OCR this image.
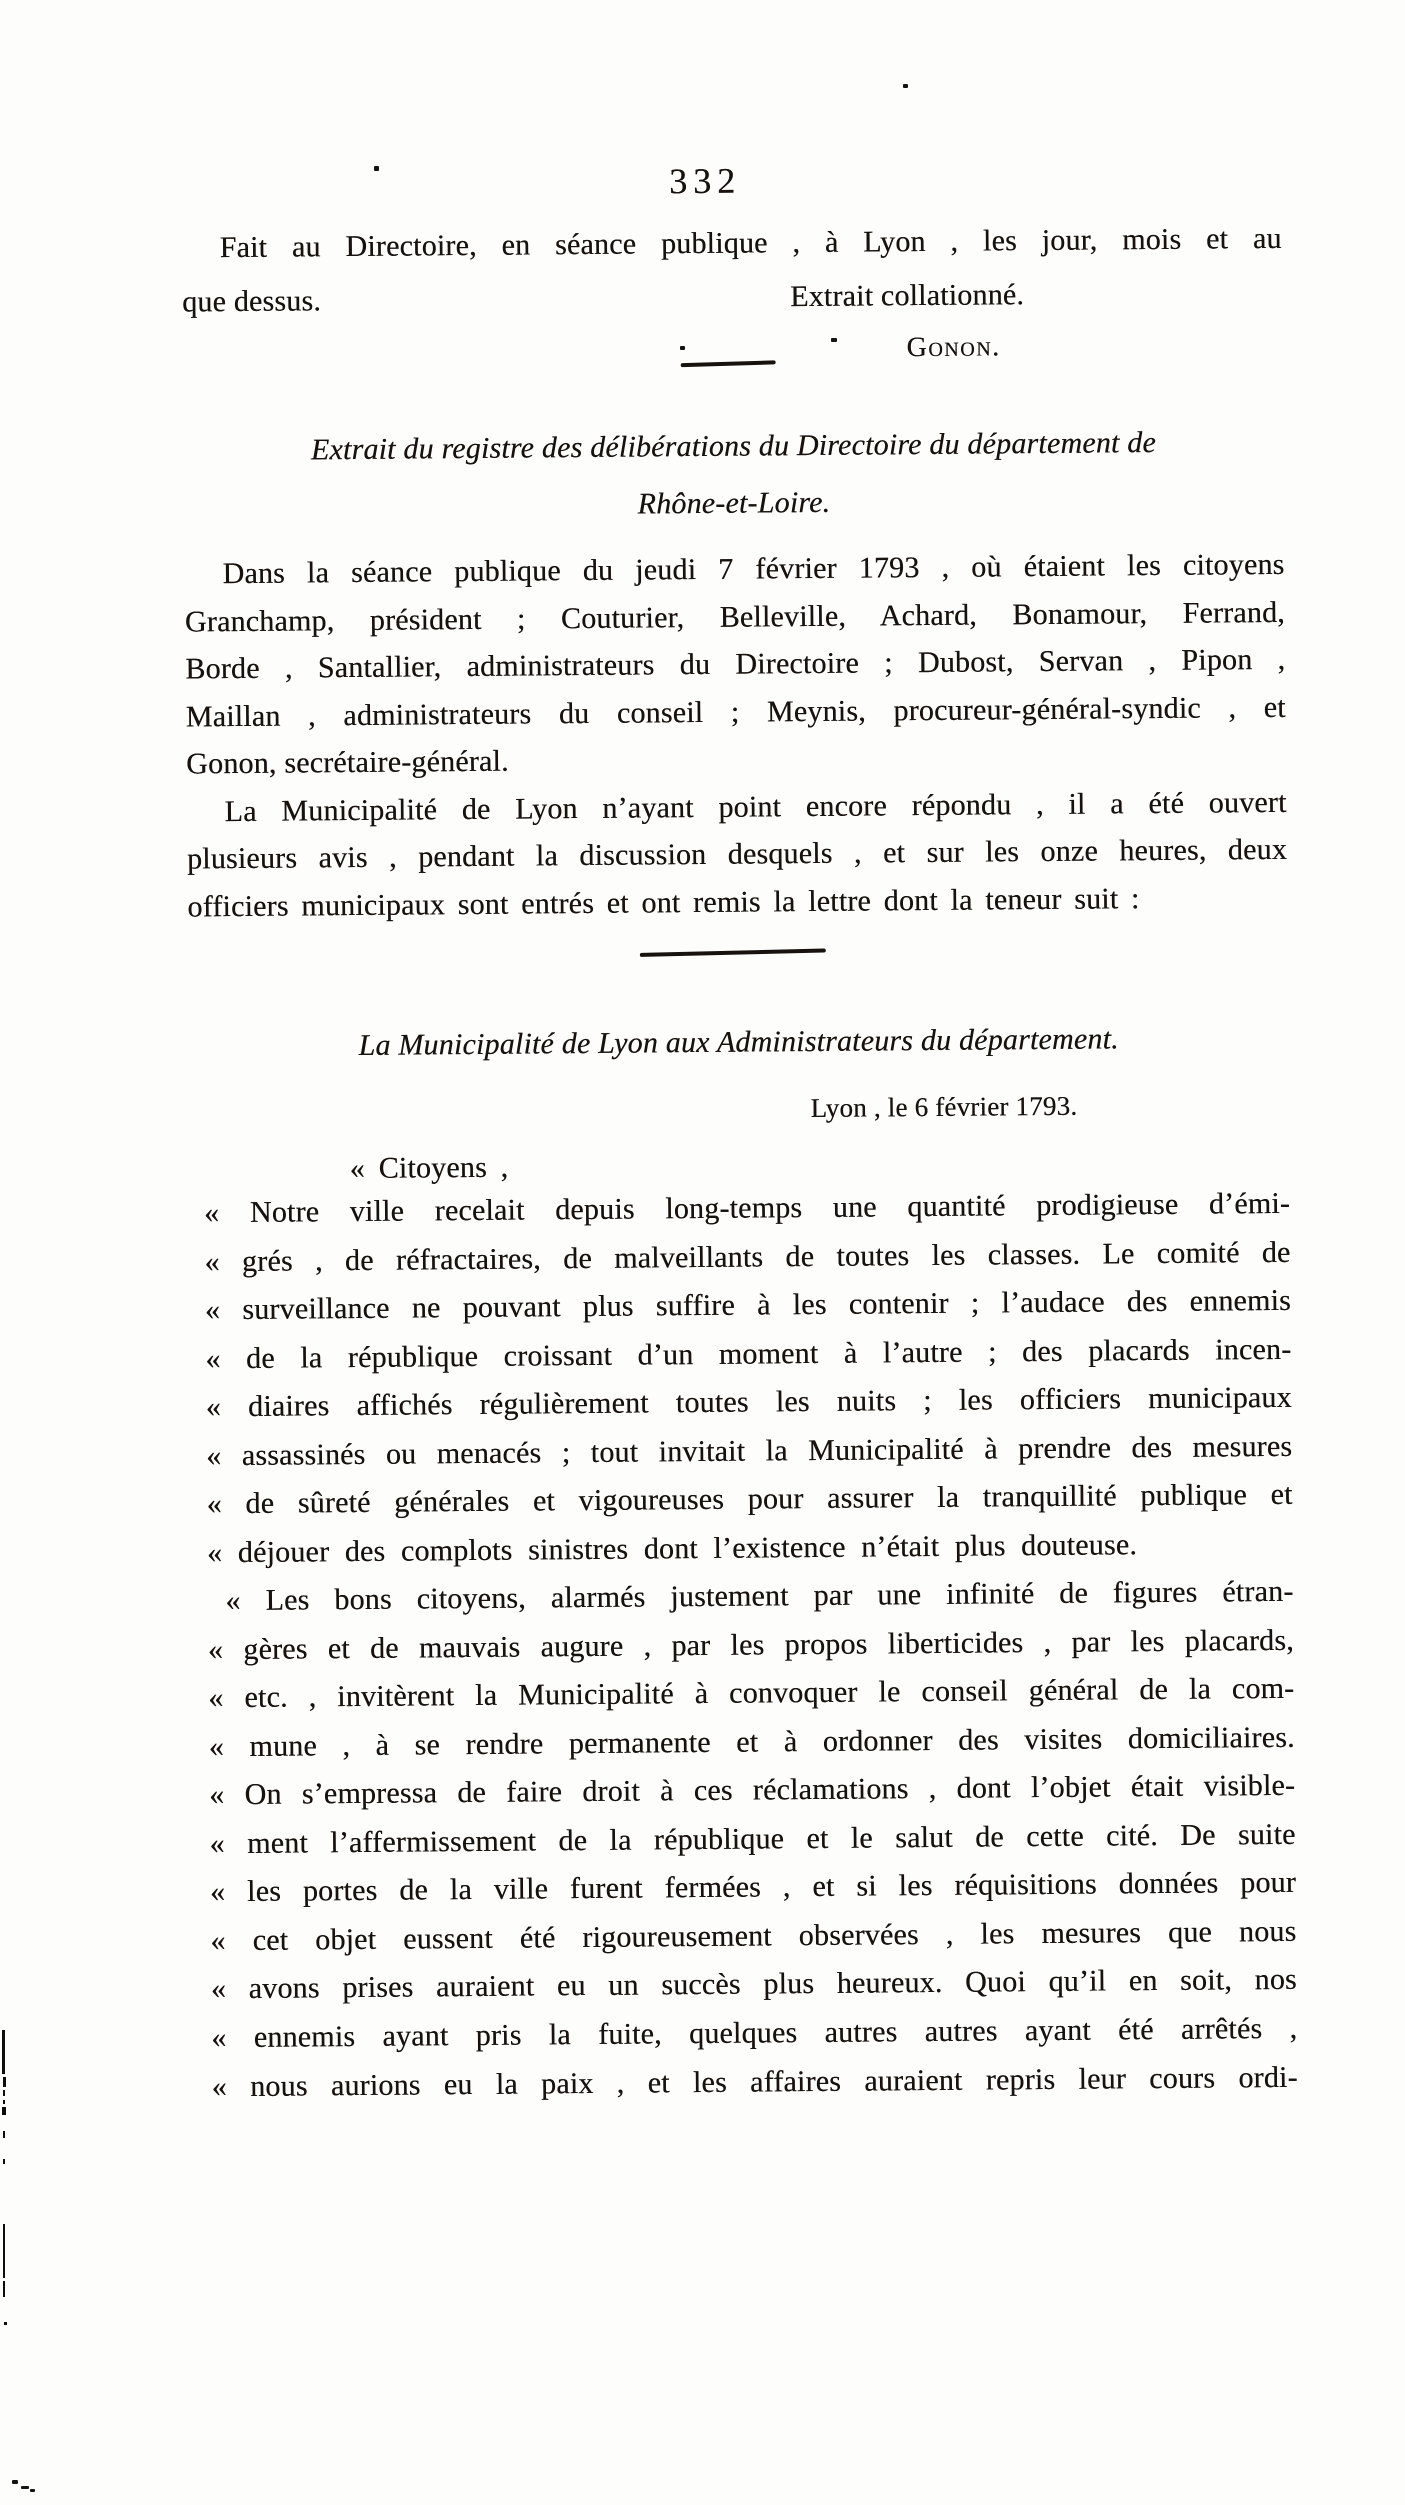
332
Fait au Directoire, en séance publique , à Lyon , les jour, mois et au
que dessus.	Extrait collationné.
Gonon.
Extrait du registre des délibérations du Directoire du département de
Rhône-et-Loire.
Dans la séance publique du jeudi 7 février 1793 , où étaient les citoyens
Granchamp, président ; Couturier, Belleville, Achard, Bonamour, Ferrand,
Borde , Santallier, administrateurs du Directoire ; Dubost, Servan , Pipon ,
Maillan , administrateurs du conseil ; Meynis, procureur-général-syndic , et
Gonon, secrétaire-général.
La Municipalité de Lyon n’ayant point encore répondu , il a été ouvert
plusieurs avis , pendant la discussion desquels , et sur les onze heures, deux
officiers municipaux sont entrés et ont remis la lettre dont la teneur suit :
La Municipalité de Lyon aux Administrateurs du département.
Lyon , le 6 février 1793.
« Citoyens ,
« Notre ville recelait depuis long-temps une quantité prodigieuse d’émi-
« grés , de réfractaires, de malveillants de toutes les classes. Le comité de
« surveillance ne pouvant plus suffire à les contenir ; l’audace des ennemis
« de la république croissant d’un moment à l’autre ; des placards incen-
« diaires affichés régulièrement toutes les nuits ; les officiers municipaux
« assassinés ou menacés ; tout invitait la Municipalité à prendre des mesures
« de sûreté générales et vigoureuses pour assurer la tranquillité publique et
« déjouer des complots sinistres dont l’existence n’était plus douteuse.
« Les bons citoyens, alarmés justement par une infinité de figures étran-
« gères et de mauvais augure , par les propos liberticides , par les placards,
« etc. , invitèrent la Municipalité à convoquer le conseil général de la com-
« mune , à se rendre permanente et à ordonner des visites domiciliaires.
« On s’empressa de faire droit à ces réclamations , dont l’objet était visible-
« ment l’affermissement de la république et le salut de cette cité. De suite
« les portes de la ville furent fermées , et si les réquisitions données pour
« cet objet eussent été rigoureusement observées , les mesures que nous
« avons prises auraient eu un succès plus heureux. Quoi qu’il en soit, nos
« ennemis ayant pris la fuite, quelques autres autres ayant été arrêtés ,
« nous aurions eu la paix , et les affaires auraient repris leur cours ordi-
